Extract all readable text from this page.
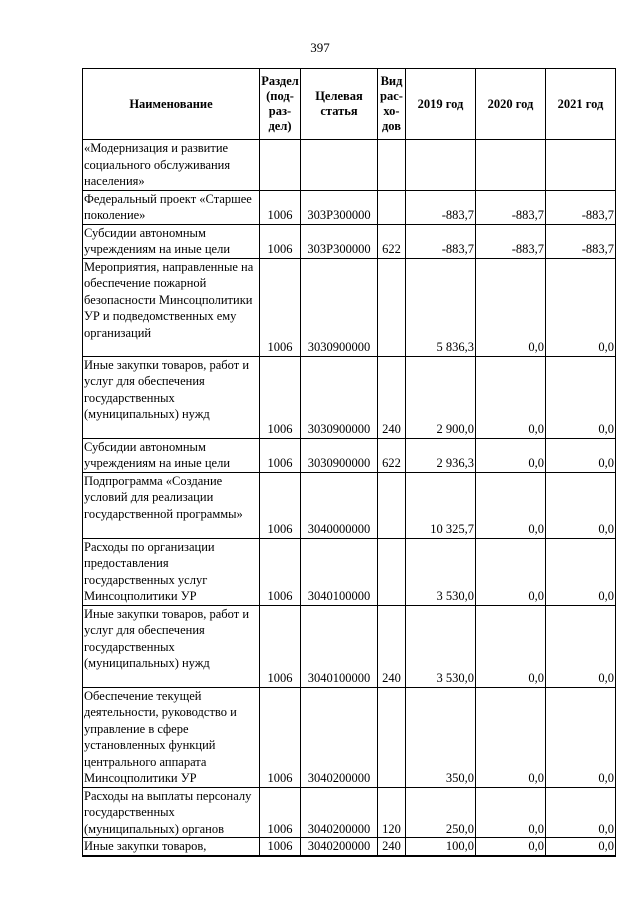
397
Наименование	Раздел (под- раз- дел)	Целевая статья	Вид рас- хо- дов	2019 год	2020 год	2021 год
«Модернизация и развитие социального обслуживания населения»						
Федеральный проект «Старшее поколение»	1006	303P300000		-883,7	-883,7	-883,7
Субсидии автономным учреждениям на иные цели	1006	303P300000	622	-883,7	-883,7	-883,7
Мероприятия, направленные на обеспечение пожарной безопасности Минсоцполитики УР и подведомственных ему организаций	1006	3030900000		5 836,3	0,0	0,0
Иные закупки товаров, работ и услуг для обеспечения государственных (муниципальных) нужд	1006	3030900000	240	2 900,0	0,0	0,0
Субсидии автономным учреждениям на иные цели	1006	3030900000	622	2 936,3	0,0	0,0
Подпрограмма «Создание условий для реализации государственной программы»	1006	3040000000		10 325,7	0,0	0,0
Расходы по организации предоставления государственных услуг Минсоцполитики УР	1006	3040100000		3 530,0	0,0	0,0
Иные закупки товаров, работ и услуг для обеспечения государственных (муниципальных) нужд	1006	3040100000	240	3 530,0	0,0	0,0
Обеспечение текущей деятельности, руководство и управление в сфере установленных функций центрального аппарата Минсоцполитики УР	1006	3040200000		350,0	0,0	0,0
Расходы на выплаты персоналу государственных (муниципальных) органов	1006	3040200000	120	250,0	0,0	0,0
Иные закупки товаров,	1006	3040200000	240	100,0	0,0	0,0
